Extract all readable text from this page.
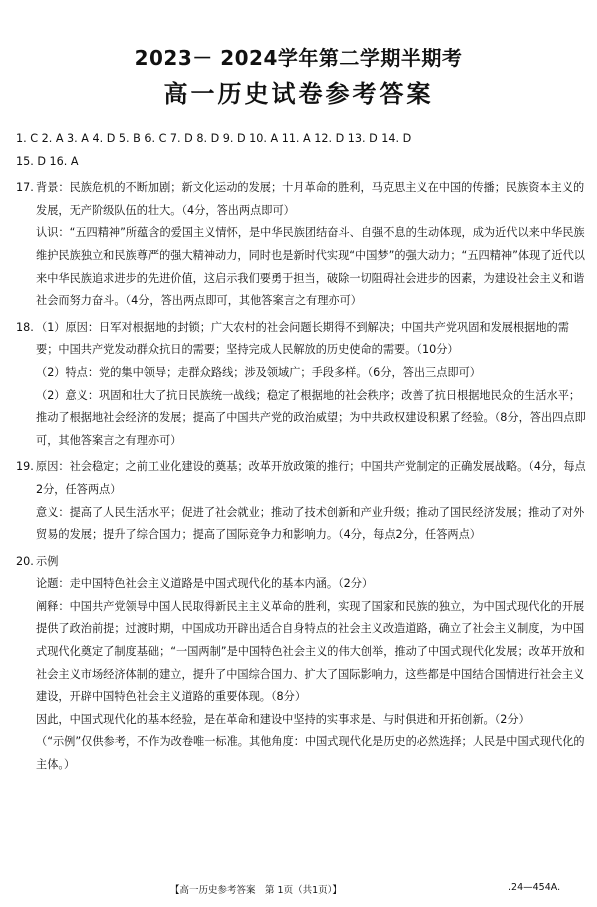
2023－ 2024学年第二学期半期考
高一历史试卷参考答案

1. C 2. A 3. A 4. D 5. B 6. C 7. D 8. D 9. D 10. A 11. A 12. D 13. D 14. D

15. D 16. A

17. 背景：民族危机的不断加剧；新文化运动的发展；十月革命的胜利，马克思主义在中国的传播；民族资本主义的发展，无产阶级队伍的壮大。（4分，答出两点即可）

认识：“五四精神”所蕴含的爱国主义情怀，是中华民族团结奋斗、自强不息的生动体现，成为近代以来中华民族维护民族独立和民族尊严的强大精神动力，同时也是新时代实现“中国梦”的强大动力；“五四精神”体现了近代以来中华民族追求进步的先进价值，这启示我们要勇于担当，破除一切阻碍社会进步的因素，为建设社会主义和谐社会而努力奋斗。（4分，答出两点即可，其他答案言之有理亦可）

18. （1）原因：日军对根据地的封锁；广大农村的社会问题长期得不到解决；中国共产党巩固和发展根据地的需要；中国共产党发动群众抗日的需要；坚持完成人民解放的历史使命的需要。（10分）

（2）特点：党的集中领导；走群众路线；涉及领域广；手段多样。（6分，答出三点即可）

（2）意义：巩固和壮大了抗日民族统一战线；稳定了根据地的社会秩序；改善了抗日根据地民众的生活水平；推动了根据地社会经济的发展；提高了中国共产党的政治威望；为中共政权建设积累了经验。（8分，答出四点即可，其他答案言之有理亦可）

19. 原因：社会稳定；之前工业化建设的奠基；改革开放政策的推行；中国共产党制定的正确发展战略。（4分，每点2分，任答两点）

意义：提高了人民生活水平；促进了社会就业；推动了技术创新和产业升级；推动了国民经济发展；推动了对外贸易的发展；提升了综合国力；提高了国际竞争力和影响力。（4分，每点2分，任答两点）

20. 示例

论题：走中国特色社会主义道路是中国式现代化的基本内涵。（2分）

阐释：中国共产党领导中国人民取得新民主主义革命的胜利，实现了国家和民族的独立，为中国式现代化的开展提供了政治前提；过渡时期，中国成功开辟出适合自身特点的社会主义改造道路，确立了社会主义制度，为中国式现代化奠定了制度基础；“一国两制”是中国特色社会主义的伟大创举，推动了中国式现代化发展；改革开放和社会主义市场经济体制的建立，提升了中国综合国力、扩大了国际影响力，这些都是中国结合国情进行社会主义建设，开辟中国特色社会主义道路的重要体现。（8分）

因此，中国式现代化的基本经验，是在革命和建设中坚持的实事求是、与时俱进和开拓创新。（2分）

（“示例”仅供参考，不作为改卷唯一标准。其他角度：中国式现代化是历史的必然选择；人民是中国式现代化的主体。）

【高一历史参考答案　第 1页（共1页）】	.24—454A.
